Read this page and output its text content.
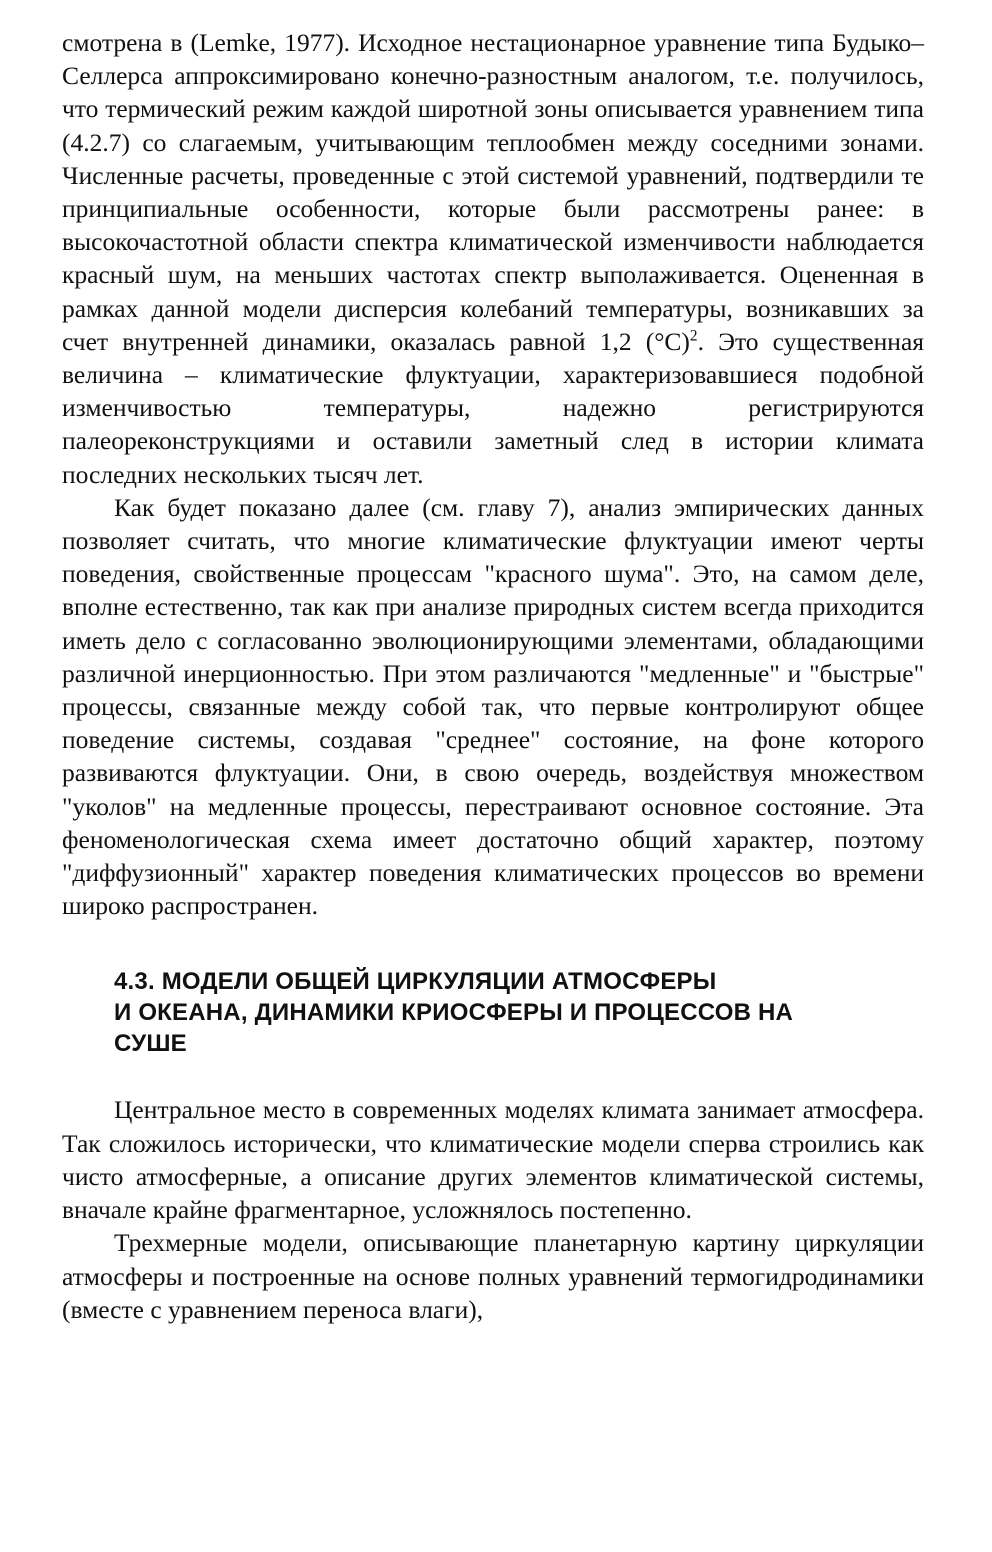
смотрена в (Lemke, 1977). Исходное нестационарное уравнение типа Будыко–Селлерса аппроксимировано конечно-разностным аналогом, т.е. получилось, что термический режим каждой широтной зоны описывается уравнением типа (4.2.7) со слагаемым, учитывающим теплообмен между соседними зонами. Численные расчеты, проведенные с этой системой уравнений, подтвердили те принципиальные особенности, которые были рассмотрены ранее: в высокочастотной области спектра климатической изменчивости наблюдается красный шум, на меньших частотах спектр выполаживается. Оцененная в рамках данной модели дисперсия колебаний температуры, возникавших за счет внутренней динамики, оказалась равной 1,2 $(^\circ С)^2$. Это существенная величина – климатические флуктуации, характеризовавшиеся подобной изменчивостью температуры, надежно регистрируются палеореконструкциями и оставили заметный след в истории климата последних нескольких тысяч лет.

Как будет показано далее (см. главу 7), анализ эмпирических данных позволяет считать, что многие климатические флуктуации имеют черты поведения, свойственные процессам "красного шума". Это, на самом деле, вполне естественно, так как при анализе природных систем всегда приходится иметь дело с согласованно эволюционирующими элементами, обладающими различной инерционностью. При этом различаются "медленные" и "быстрые" процессы, связанные между собой так, что первые контролируют общее поведение системы, создавая "среднее" состояние, на фоне которого развиваются флуктуации. Они, в свою очередь, воздействуя множеством "уколов" на медленные процессы, перестраивают основное состояние. Эта феноменологическая схема имеет достаточно общий характер, поэтому "диффузионный" характер поведения климатических процессов во времени широко распространен.

4.3. МОДЕЛИ ОБЩЕЙ ЦИРКУЛЯЦИИ АТМОСФЕРЫ
И ОКЕАНА, ДИНАМИКИ КРИОСФЕРЫ И ПРОЦЕССОВ НА
СУШЕ

Центральное место в современных моделях климата занимает атмосфера. Так сложилось исторически, что климатические модели сперва строились как чисто атмосферные, а описание других элементов климатической системы, вначале крайне фрагментарное, усложнялось постепенно.

Трехмерные модели, описывающие планетарную картину циркуляции атмосферы и построенные на основе полных уравнений термогидродинамики (вместе с уравнением переноса влаги),
